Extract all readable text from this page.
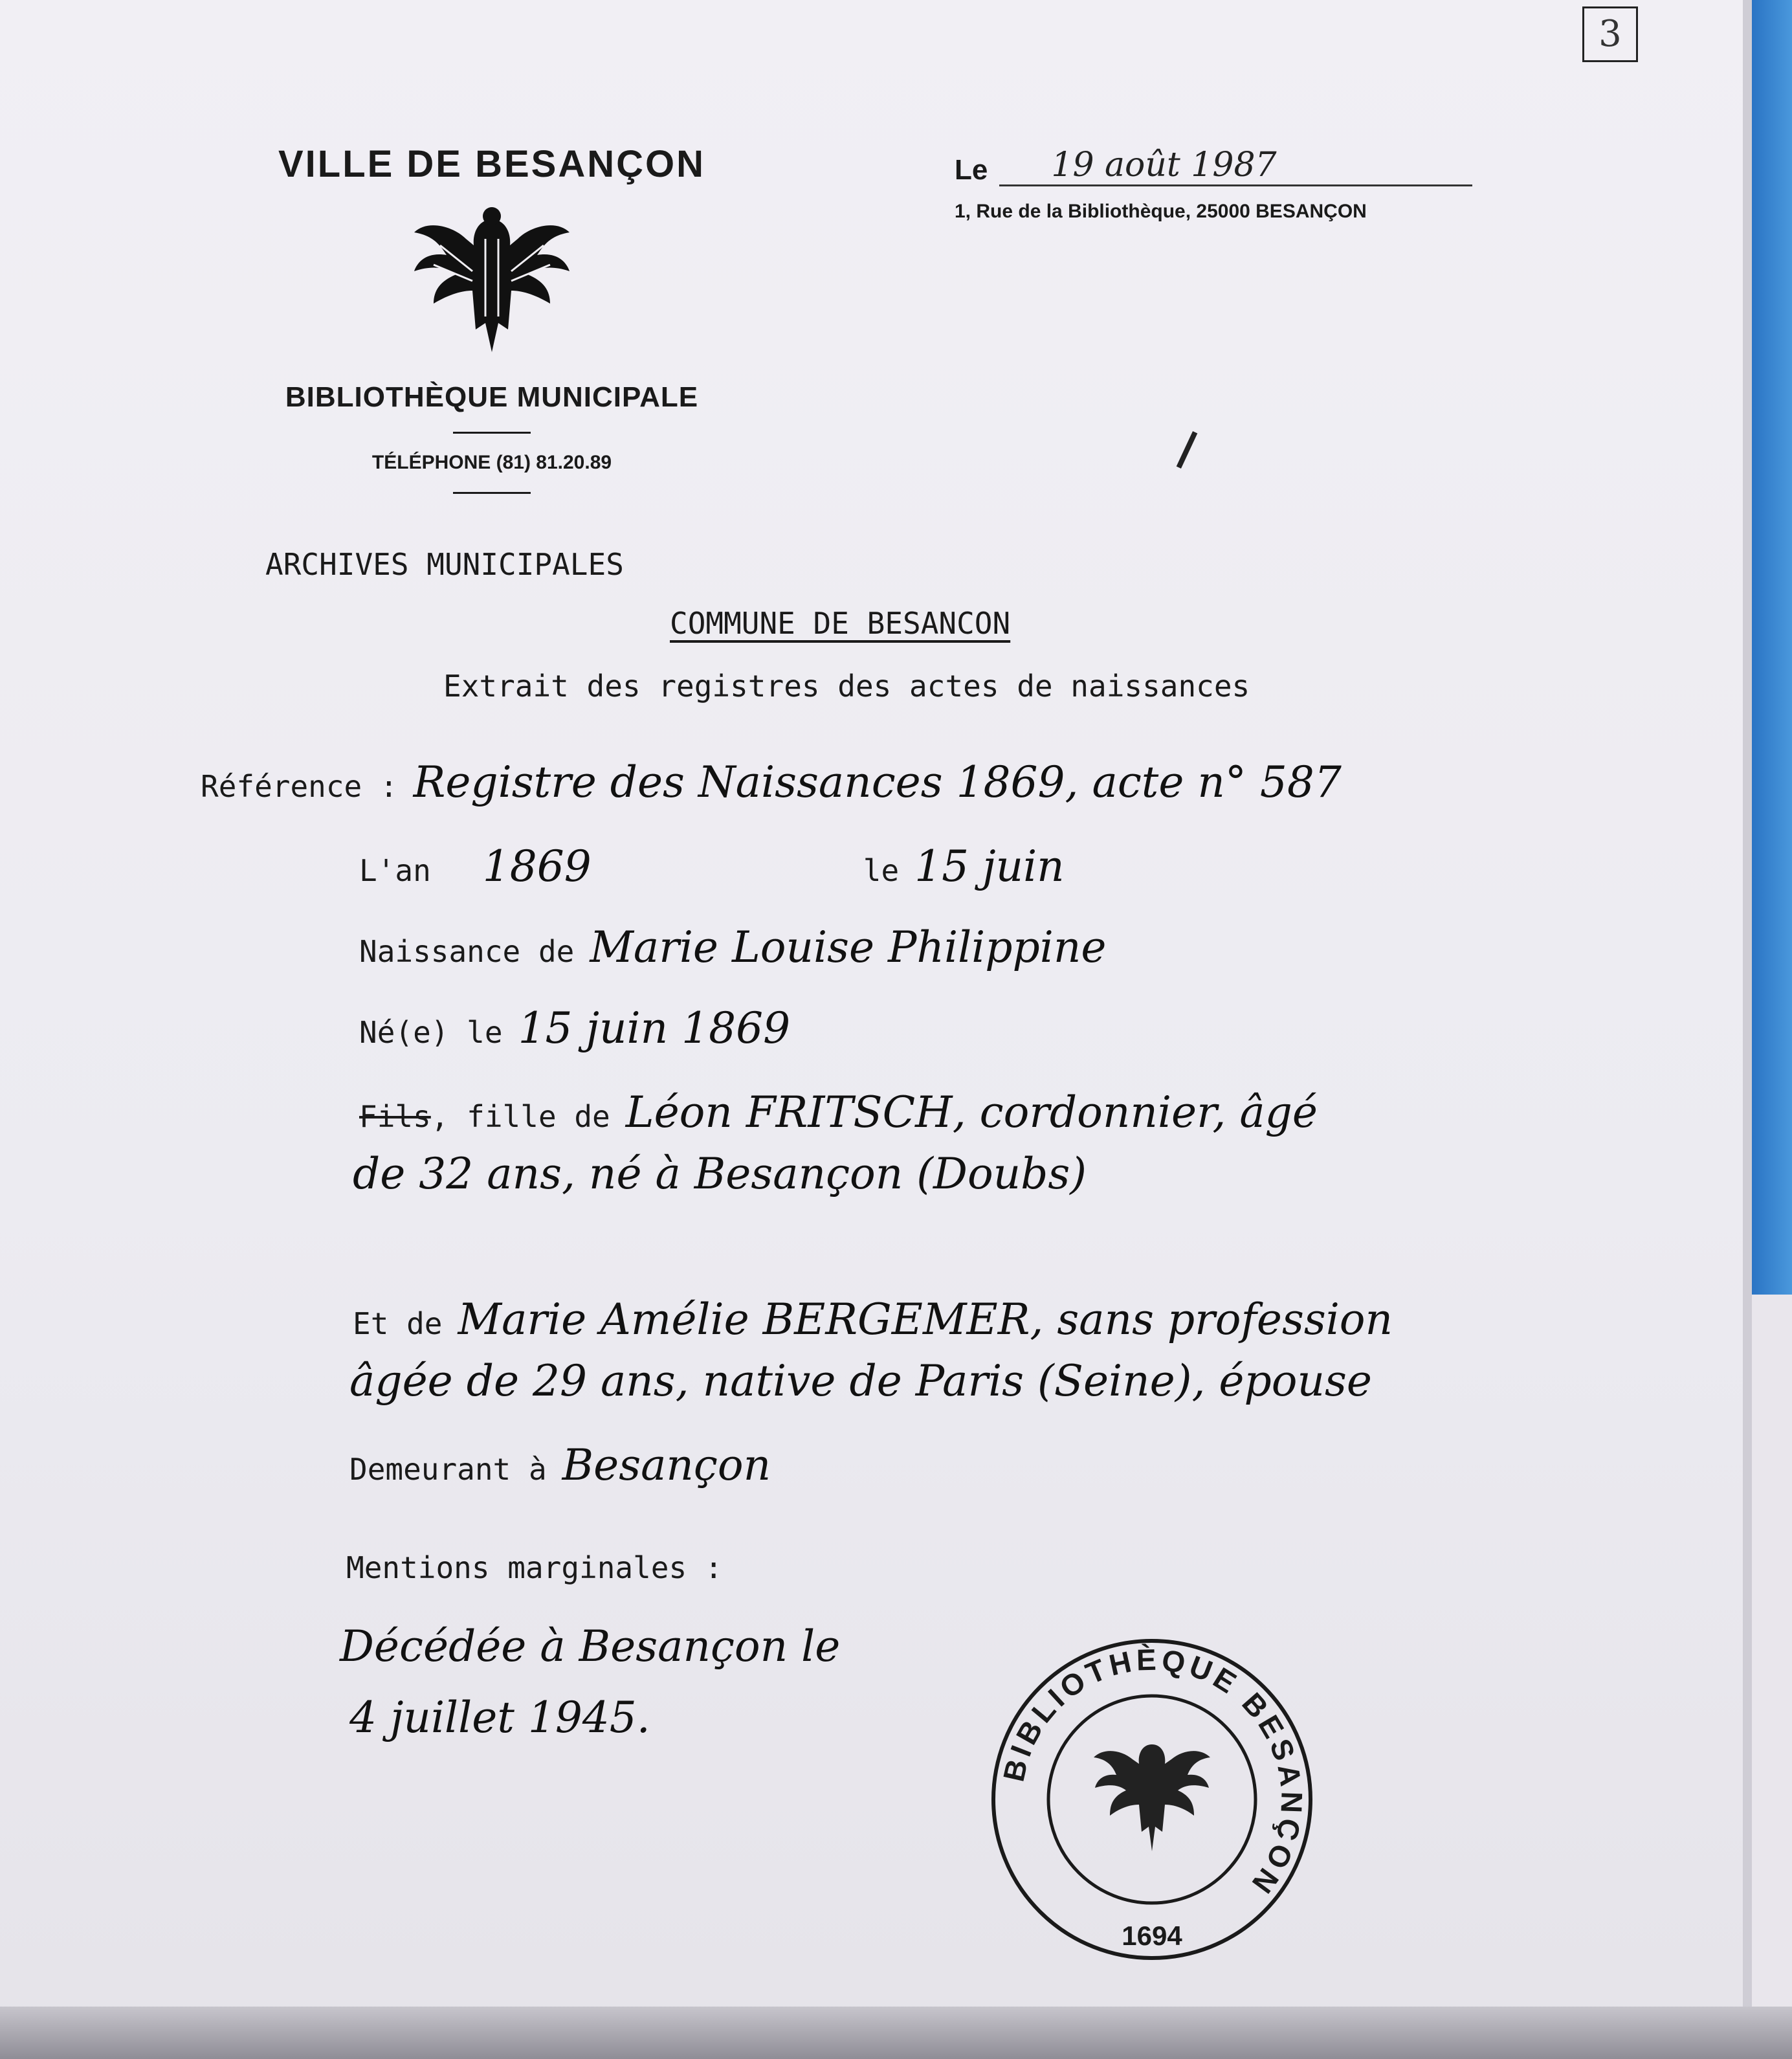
3
VILLE DE BESANÇON
BIBLIOTHÈQUE MUNICIPALE
TÉLÉPHONE (81) 81.20.89
Le	19 août 1987
1, Rue de la Bibliothèque, 25000 BESANÇON
ARCHIVES MUNICIPALES
COMMUNE DE BESANCON
Extrait des registres des actes de naissances
Référence : Registre des Naissances 1869, acte n° 587
L'an 1869	le 15 juin
Naissance de Marie Louise Philippine
Né(e) le 15 juin 1869
Fils , fille de Léon FRITSCH, cordonnier, âgé
de 32 ans, né à Besançon (Doubs)
Et de Marie Amélie BERGEMER, sans profession
âgée de 29 ans, native de Paris (Seine), épouse
Demeurant à Besançon
Mentions marginales :
Décédée à Besançon le
4 juillet 1945.
BIBLIOTHÈQUE BESANÇON
1694
